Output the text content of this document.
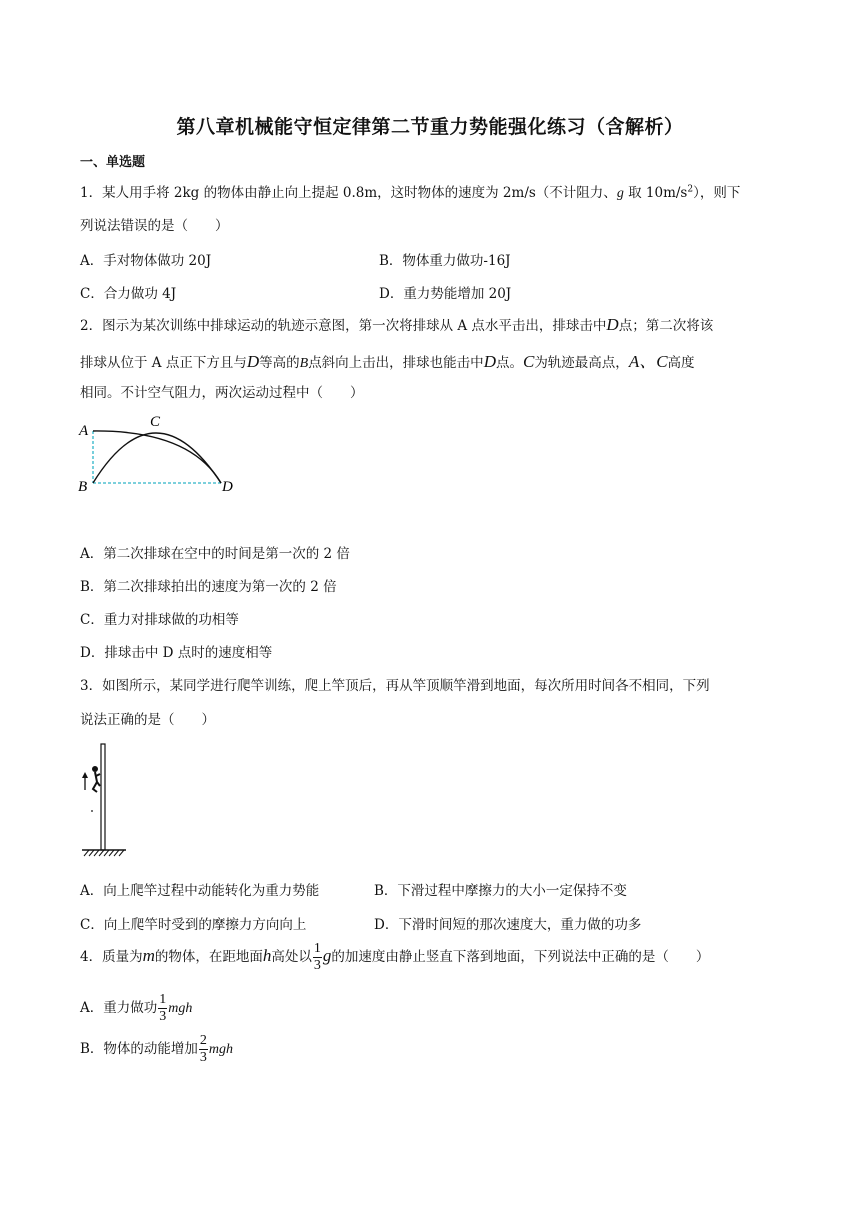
第八章机械能守恒定律第二节重力势能强化练习（含解析）
一、单选题
1．某人用手将 2kg 的物体由静止向上提起 0.8m，这时物体的速度为 2m/s（不计阻力、g 取 $10m/s^2$），则下
列说法错误的是（　　）
A．手对物体做功 20J	B．物体重力做功-16J
C．合力做功 4J	D．重力势能增加 20J
2．图示为某次训练中排球运动的轨迹示意图，第一次将排球从 A 点水平击出，排球击中D点；第二次将该
排球从位于 A 点正下方且与D等高的B点斜向上击出，排球也能击中D点。C为轨迹最高点，A、C高度
相同。不计空气阻力，两次运动过程中（　　）
A
C
B	D
A．第二次排球在空中的时间是第一次的 2 倍
B．第二次排球拍出的速度为第一次的 2 倍
C．重力对排球做的功相等
D．排球击中 D 点时的速度相等
3．如图所示，某同学进行爬竿训练，爬上竿顶后，再从竿顶顺竿滑到地面，每次所用时间各不相同，下列
说法正确的是（　　）
A．向上爬竿过程中动能转化为重力势能	B．下滑过程中摩擦力的大小一定保持不变
C．向上爬竿时受到的摩擦力方向向上	D．下滑时间短的那次速度大，重力做的功多
4．质量为m的物体，在距地面h高处以 $\frac{1}{3}$ g的加速度由静止竖直下落到地面，下列说法中正确的是（　　）
A．重力做功 $\frac{1}{3}$ mgh
B．物体的动能增加 $\frac{2}{3}$ mgh
